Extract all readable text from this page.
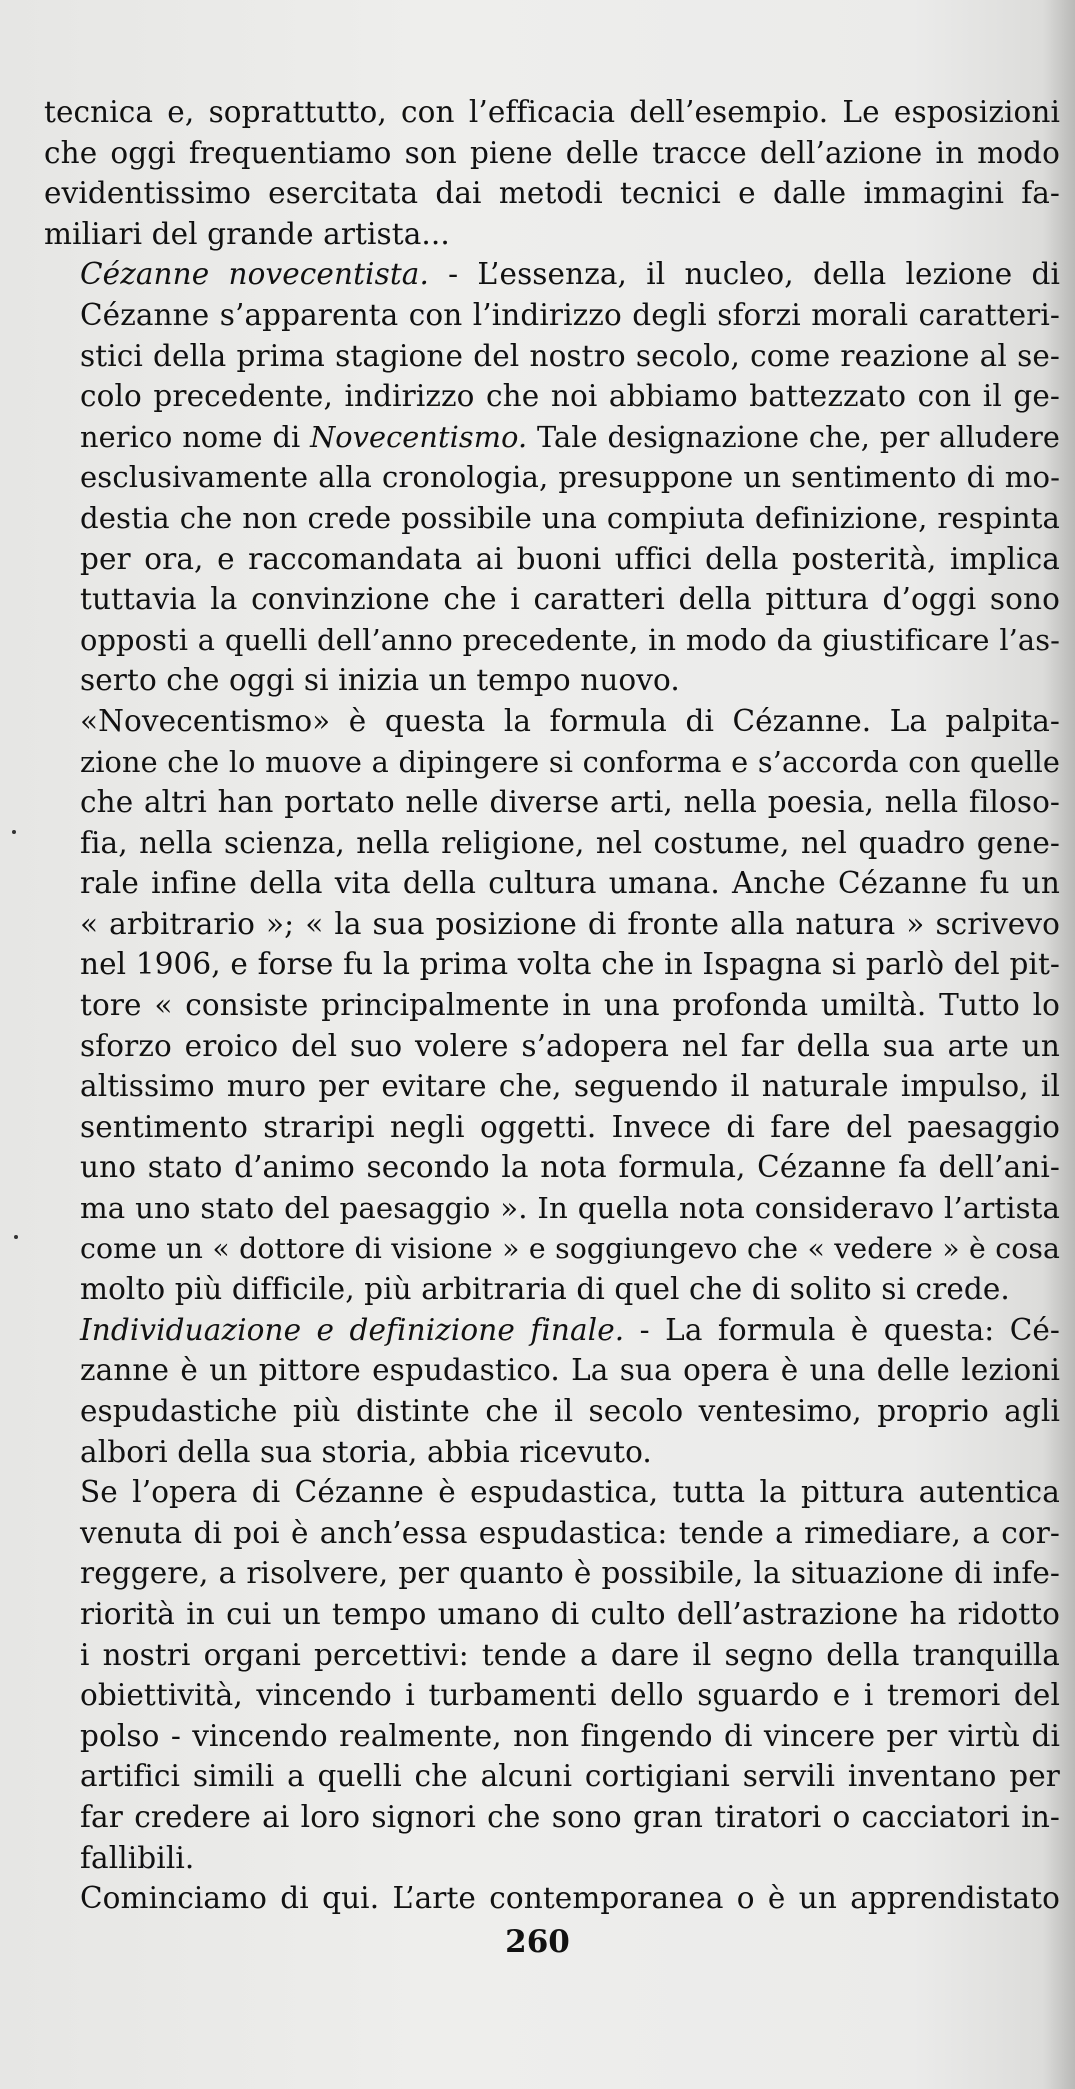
tecnica e, soprattutto, con l’efficacia dell’esempio. Le esposizioni
che oggi frequentiamo son piene delle tracce dell’azione in modo
evidentissimo esercitata dai metodi tecnici e dalle immagini fa-
miliari del grande artista...

Cézanne novecentista. - L’essenza, il nucleo, della lezione di
Cézanne s’apparenta con l’indirizzo degli sforzi morali caratteri-
stici della prima stagione del nostro secolo, come reazione al se-
colo precedente, indirizzo che noi abbiamo battezzato con il ge-
nerico nome di Novecentismo. Tale designazione che, per alludere
esclusivamente alla cronologia, presuppone un sentimento di mo-
destia che non crede possibile una compiuta definizione, respinta
per ora, e raccomandata ai buoni uffici della posterità, implica
tuttavia la convinzione che i caratteri della pittura d’oggi sono
opposti a quelli dell’anno precedente, in modo da giustificare l’as-
serto che oggi si inizia un tempo nuovo.

«Novecentismo» è questa la formula di Cézanne. La palpita-
zione che lo muove a dipingere si conforma e s’accorda con quelle
che altri han portato nelle diverse arti, nella poesia, nella filoso-
fia, nella scienza, nella religione, nel costume, nel quadro gene-
rale infine della vita della cultura umana. Anche Cézanne fu un
« arbitrario »; « la sua posizione di fronte alla natura » scrivevo
nel 1906, e forse fu la prima volta che in Ispagna si parlò del pit-
tore « consiste principalmente in una profonda umiltà. Tutto lo
sforzo eroico del suo volere s’adopera nel far della sua arte un
altissimo muro per evitare che, seguendo il naturale impulso, il
sentimento straripi negli oggetti. Invece di fare del paesaggio
uno stato d’animo secondo la nota formula, Cézanne fa dell’ani-
ma uno stato del paesaggio ». In quella nota consideravo l’artista
come un « dottore di visione » e soggiungevo che « vedere » è cosa
molto più difficile, più arbitraria di quel che di solito si crede.

Individuazione e definizione finale. - La formula è questa: Cé-
zanne è un pittore espudastico. La sua opera è una delle lezioni
espudastiche più distinte che il secolo ventesimo, proprio agli
albori della sua storia, abbia ricevuto.

Se l’opera di Cézanne è espudastica, tutta la pittura autentica
venuta di poi è anch’essa espudastica: tende a rimediare, a cor-
reggere, a risolvere, per quanto è possibile, la situazione di infe-
riorità in cui un tempo umano di culto dell’astrazione ha ridotto
i nostri organi percettivi: tende a dare il segno della tranquilla
obiettività, vincendo i turbamenti dello sguardo e i tremori del
polso - vincendo realmente, non fingendo di vincere per virtù di
artifici simili a quelli che alcuni cortigiani servili inventano per
far credere ai loro signori che sono gran tiratori o cacciatori in-
fallibili.

Cominciamo di qui. L’arte contemporanea o è un apprendistato

260
